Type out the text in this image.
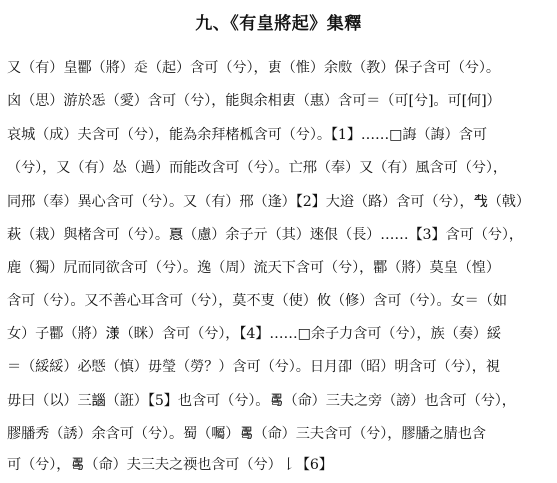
九、《有皇將起》集釋
又（有）皇𨟠（將）𧺆（起）含可（兮），叀（惟）余𢾅（教）保子含可（兮）。
囟（思）游於㤅（愛）含可（兮），能與余相叀（惠）含可＝（可[兮]。可[何]）
哀城（成）夫含可（兮），能為余拜楮柧含可（兮）。【1】……□誨（誨）含可
（兮），又（有）怂（過）而能改含可（兮）。亡郉（奉）又（有）風含可（兮），
同郉（奉）異心含可（兮）。又（有）郉（逢）【2】大逧（路）含可（兮），𢦔（戟）
萩（栽）與楮含可（兮）。𢝊（慮）余子亓（其）逨佷（長）……【3】含可（兮），
鹿（獨）凥而同欲含可（兮）。逸（周）流天下含可（兮），𨟠（將）莫皇（惶）
含可（兮）。又不善心耳含可（兮），莫不叓（使）攸（修）含可（兮）。女＝（如
女）子𨟠（將）𣻌（眯）含可（兮），【4】……□余子力含可（兮），族（奏）綏
＝（綏綏）必𢟪（慎）毋瑩（勞？）含可（兮）。日月卲（昭）明含可（兮），視
毋曰（以）三𧩣（誑）【5】也含可（兮）。𠷎（命）三夫之旁（謗）也含可（兮），
膠膰秀（誘）余含可（兮）。蜀（囑）𠷎（命）三夫含可（兮），膠膰之腈也含
可（兮），𠷎（命）夫三夫之䙇也含可（兮）𠄌【6】
